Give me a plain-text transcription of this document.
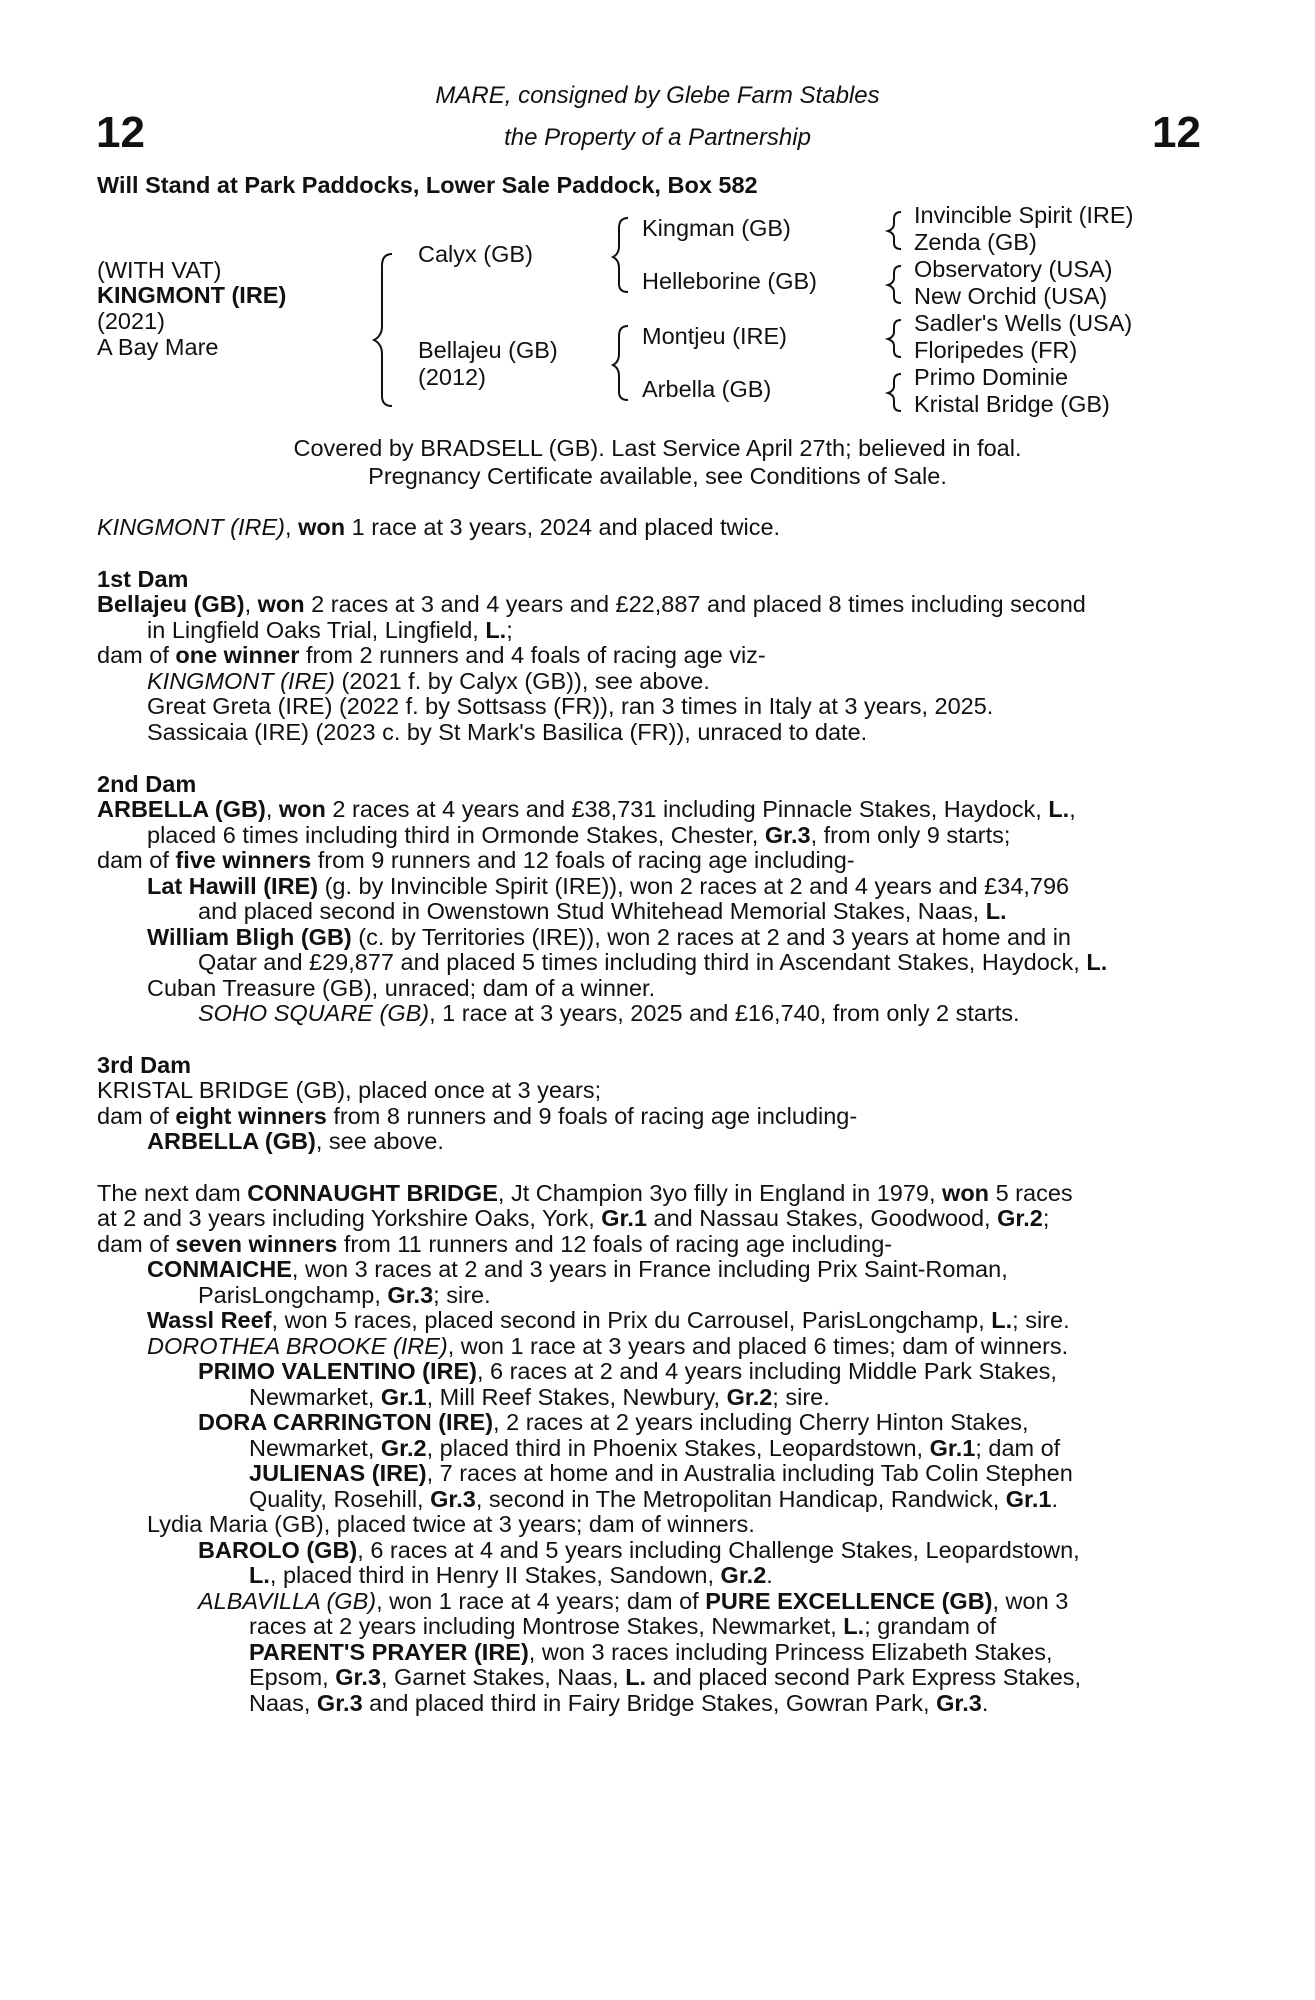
12	12
MARE, consigned by Glebe Farm Stables
the Property of a Partnership
Will Stand at Park Paddocks, Lower Sale Paddock, Box 582
(WITH VAT)
KINGMONT (IRE)
(2021)
A Bay Mare
Calyx (GB)
Bellajeu (GB)
(2012)
Kingman (GB)
Helleborine (GB)
Montjeu (IRE)
Arbella (GB)
Invincible Spirit (IRE)
Zenda (GB)
Observatory (USA)
New Orchid (USA)
Sadler's Wells (USA)
Floripedes (FR)
Primo Dominie
Kristal Bridge (GB)
Covered by BRADSELL (GB). Last Service April 27th; believed in foal.
Pregnancy Certificate available, see Conditions of Sale.
KINGMONT (IRE), won 1 race at 3 years, 2024 and placed twice.
1st Dam
Bellajeu (GB), won 2 races at 3 and 4 years and £22,887 and placed 8 times including second
in Lingfield Oaks Trial, Lingfield, L.;
dam of one winner from 2 runners and 4 foals of racing age viz-
KINGMONT (IRE) (2021 f. by Calyx (GB)), see above.
Great Greta (IRE) (2022 f. by Sottsass (FR)), ran 3 times in Italy at 3 years, 2025.
Sassicaia (IRE) (2023 c. by St Mark's Basilica (FR)), unraced to date.
2nd Dam
ARBELLA (GB), won 2 races at 4 years and £38,731 including Pinnacle Stakes, Haydock, L.,
placed 6 times including third in Ormonde Stakes, Chester, Gr.3, from only 9 starts;
dam of five winners from 9 runners and 12 foals of racing age including-
Lat Hawill (IRE) (g. by Invincible Spirit (IRE)), won 2 races at 2 and 4 years and £34,796
and placed second in Owenstown Stud Whitehead Memorial Stakes, Naas, L.
William Bligh (GB) (c. by Territories (IRE)), won 2 races at 2 and 3 years at home and in
Qatar and £29,877 and placed 5 times including third in Ascendant Stakes, Haydock, L.
Cuban Treasure (GB), unraced; dam of a winner.
SOHO SQUARE (GB), 1 race at 3 years, 2025 and £16,740, from only 2 starts.
3rd Dam
KRISTAL BRIDGE (GB), placed once at 3 years;
dam of eight winners from 8 runners and 9 foals of racing age including-
ARBELLA (GB), see above.
The next dam CONNAUGHT BRIDGE, Jt Champion 3yo filly in England in 1979, won 5 races
at 2 and 3 years including Yorkshire Oaks, York, Gr.1 and Nassau Stakes, Goodwood, Gr.2;
dam of seven winners from 11 runners and 12 foals of racing age including-
CONMAICHE, won 3 races at 2 and 3 years in France including Prix Saint-Roman,
ParisLongchamp, Gr.3; sire.
Wassl Reef, won 5 races, placed second in Prix du Carrousel, ParisLongchamp, L.; sire.
DOROTHEA BROOKE (IRE), won 1 race at 3 years and placed 6 times; dam of winners.
PRIMO VALENTINO (IRE), 6 races at 2 and 4 years including Middle Park Stakes,
Newmarket, Gr.1, Mill Reef Stakes, Newbury, Gr.2; sire.
DORA CARRINGTON (IRE), 2 races at 2 years including Cherry Hinton Stakes,
Newmarket, Gr.2, placed third in Phoenix Stakes, Leopardstown, Gr.1; dam of
JULIENAS (IRE), 7 races at home and in Australia including Tab Colin Stephen
Quality, Rosehill, Gr.3, second in The Metropolitan Handicap, Randwick, Gr.1.
Lydia Maria (GB), placed twice at 3 years; dam of winners.
BAROLO (GB), 6 races at 4 and 5 years including Challenge Stakes, Leopardstown,
L., placed third in Henry II Stakes, Sandown, Gr.2.
ALBAVILLA (GB), won 1 race at 4 years; dam of PURE EXCELLENCE (GB), won 3
races at 2 years including Montrose Stakes, Newmarket, L.; grandam of
PARENT'S PRAYER (IRE), won 3 races including Princess Elizabeth Stakes,
Epsom, Gr.3, Garnet Stakes, Naas, L. and placed second Park Express Stakes,
Naas, Gr.3 and placed third in Fairy Bridge Stakes, Gowran Park, Gr.3.
